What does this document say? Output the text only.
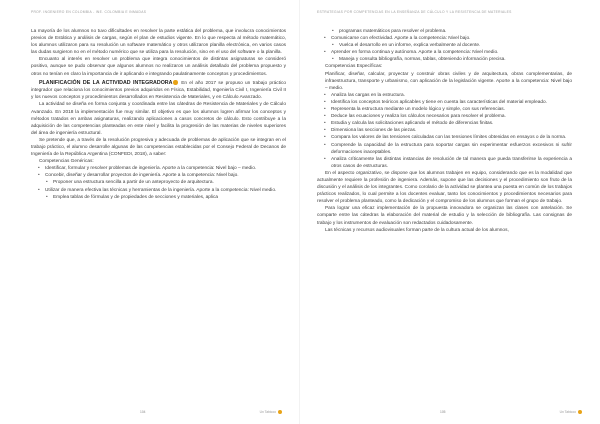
PROF. INGENIERO EN COLOMBIA - INE. COLOMBIA E INMADAS

La mayoría de los alumnos no tuvo dificultades en resolver la parte estática del problema, que involucra conocimientos previos de Estática y análisis de cargas, según el plan de estudios vigente. En lo que respecta al método matemático, los alumnos utilizaron para su resolución un software matemático y otros utilizaron planilla electrónica, en varios casos las dudas surgieron no en el método numérico que se utiliza para la resolución, sino en el uso del software o la planilla.

Encuanto al interés en resolver un problema que integra conocimientos de distintas asignaturas se consideró positivo, aunque se pudo observar que algunos alumnos no realizaron un análisis detallado del problema propuesto y otros no tenían en claro la importancia de ir aplicando e integrando paulatinamente conceptos y procedimientos.

PLANIFICACIÓN DE LA ACTIVIDAD INTEGRADORA En el año 2017 se propuso un trabajo práctico integrador que relaciona los conocimientos previos adquiridos en Física, Estabilidad, Ingeniería Civil I, Ingeniería Civil II y los nuevos conceptos y procedimientos desarrollados en Resistencia de Materiales, y en Cálculo Avanzado.

La actividad se diseña en forma conjunta y coordinada entre las cátedras de Resistencia de Materiales y de Cálculo Avanzado. En 2018 la implementación fue muy similar. El objetivo es que los alumnos logren afirmar los conceptos y métodos tratados en ambas asignaturas, realizando aplicaciones a casos concretos de cálculo. Esto contribuye a la adquisición de las competencias planteadas en este nivel y facilita la progresión de las materias de niveles superiores del área de ingeniería estructural.

Se pretende que, a través de la resolución progresiva y adecuada de problemas de aplicación que se integran en el trabajo práctico, el alumno desarrolle algunas de las competencias establecidas por el Consejo Federal de Decanos de Ingeniería de la República Argentina (CONFEDI, 2018), a saber:

Competencias Genéricas:

• Identificar, formular y resolver problemas de ingeniería. Aporte a la competencia: Nivel bajo – medio.
• Concebir, diseñar y desarrollar proyectos de ingeniería. Aporte a la competencia: Nivel bajo.
• Proponer una estructura sencilla a partir de un anteproyecto de arquitectura.
• Utilizar de manera efectiva las técnicas y herramientas de la ingeniería. Aporte a la competencia: Nivel medio.
• Emplea tablas de fórmulas y de propiedades de secciones y materiales, aplica
104	Un Tabicoo
ESTRATEGIAS POR COMPETENCIAS EN LA ENSEÑANZA DE CÁLCULO Y LA RESISTENCIA DE MATERIALES
• programas matemáticos para resolver el problema.
• Comunicarse con efectividad. Aporte a la competencia: Nivel bajo.
• Vuelca el desarrollo en un informe, explica verbalmente al docente.
• Aprender en forma continua y autónoma. Aporte a la competencia: Nivel medio.
• Maneja y consulta bibliografía, normas, tablas, obteniendo información precisa.

Competencias Específicas:

Planificar, diseñar, calcular, proyectar y construir obras civiles y de arquitectura, obras complementarias, de infraestructura, transporte y urbanismo, con aplicación de la legislación vigente. Aporte a la competencia: Nivel bajo – medio.

• Analiza las cargas en la estructura.
• Identifica los conceptos teóricos aplicables y tiene en cuenta las características del material empleado.
• Representa la estructura mediante un modelo lógico y simple, con sus referencias.
• Deduce las ecuaciones y realiza los cálculos necesarios para resolver el problema.
• Estudia y calcula las solicitaciones aplicando el método de diferencias finitas.
• Dimensiona las secciones de las piezas.
• Compara los valores de las tensiones calculadas con las tensiones límites obtenidas en ensayos o de la norma.
• Comprende la capacidad de la estructura para soportar cargas sin experimentar esfuerzos excesivos ni sufrir deformaciones inaceptables.
• Analiza críticamente las distintas instancias de resolución de tal manera que pueda transferirse la experiencia a otros casos de estructuras.

En el aspecto organizativo, se dispone que los alumnos trabajen en equipo, considerando que es la modalidad que actualmente requiere la profesión de ingeniera. Además, supone que las decisiones y el procedimiento son fruto de la discusión y el análisis de los integrantes. Como corolario de la actividad se plantea una puesta en común de los trabajos prácticos realizados, lo cual permite a los docentes evaluar, tanto los conocimientos y procedimientos necesarios para resolver el problema planteado, como la dedicación y el compromiso de los alumnos que forman el grupo de trabajo.

Para lograr una eficaz implementación de la propuesta innovadora se organizan las clases con antelación. Se comparte entre las cátedras la elaboración del material de estudio y la selección de bibliografía. Las consignas de trabajo y los instrumentos de evaluación son redactados cuidadosamente.

Las técnicas y recursos audiovisuales forman parte de la cultura actual de los alumnos,

105	Un Tabicoo
